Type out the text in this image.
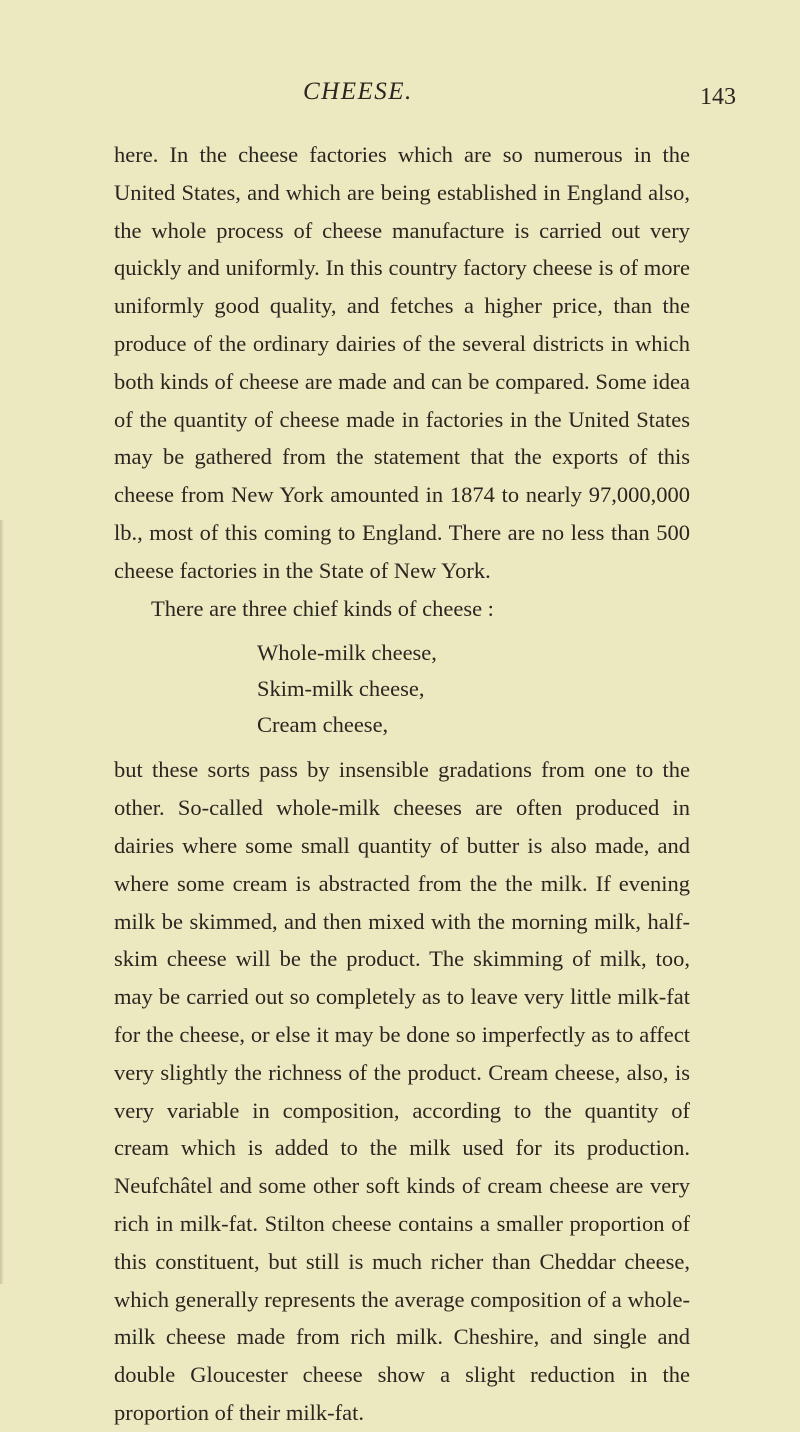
CHEESE.	143

here. In the cheese factories which are so numerous in the United States, and which are being established in England also, the whole process of cheese manufacture is carried out very quickly and uniformly. In this country factory cheese is of more uniformly good quality, and fetches a higher price, than the produce of the ordinary dairies of the several districts in which both kinds of cheese are made and can be compared. Some idea of the quantity of cheese made in factories in the United States may be gathered from the statement that the exports of this cheese from New York amounted in 1874 to nearly 97,000,000 lb., most of this coming to England. There are no less than 500 cheese factories in the State of New York.

There are three chief kinds of cheese :

Whole-milk cheese,
Skim-milk cheese,
Cream cheese,

but these sorts pass by insensible gradations from one to the other. So-called whole-milk cheeses are often produced in dairies where some small quantity of butter is also made, and where some cream is abstracted from the the milk. If evening milk be skimmed, and then mixed with the morning milk, half-skim cheese will be the product. The skimming of milk, too, may be carried out so completely as to leave very little milk-fat for the cheese, or else it may be done so imperfectly as to affect very slightly the richness of the product. Cream cheese, also, is very variable in composition, according to the quantity of cream which is added to the milk used for its production. Neufchâtel and some other soft kinds of cream cheese are very rich in milk-fat. Stilton cheese contains a smaller proportion of this constituent, but still is much richer than Cheddar cheese, which generally represents the average composition of a whole-milk cheese made from rich milk. Cheshire, and single and double Gloucester cheese show a slight reduction in the proportion of their milk-fat.
